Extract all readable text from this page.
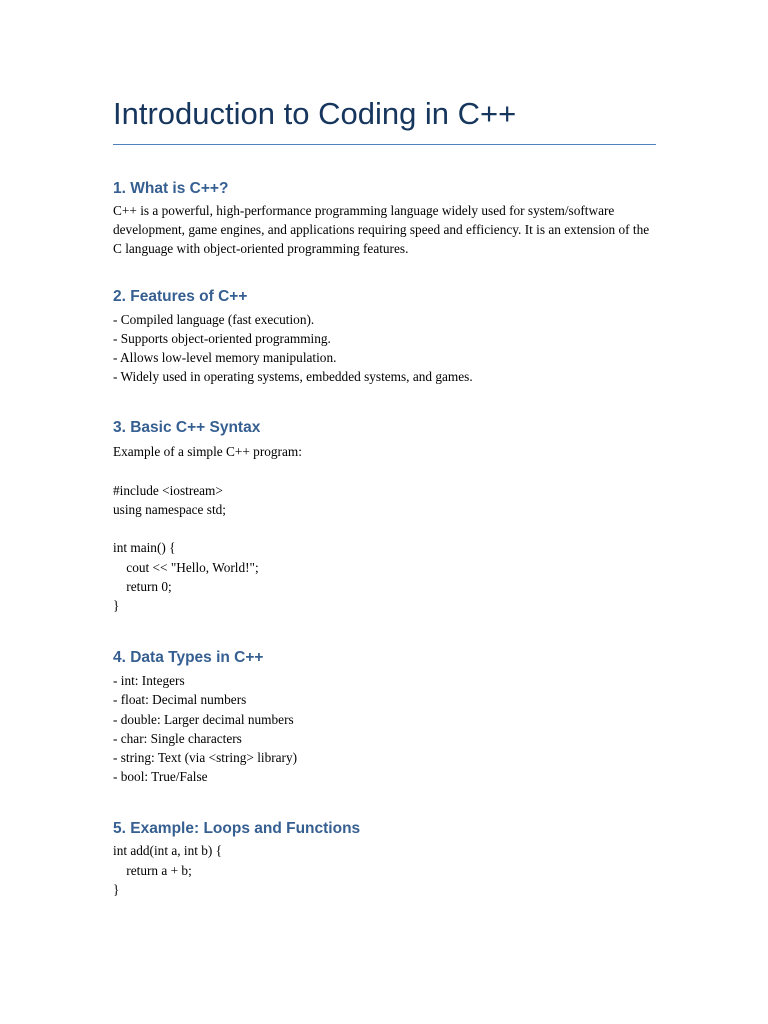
Introduction to Coding in C++
1. What is C++?

C++ is a powerful, high-performance programming language widely used for system/software development, game engines, and applications requiring speed and efficiency. It is an extension of the C language with object-oriented programming features.

2. Features of C++
- Compiled language (fast execution).
- Supports object-oriented programming.
- Allows low-level memory manipulation.
- Widely used in operating systems, embedded systems, and games.
3. Basic C++ Syntax
Example of a simple C++ program:
#include <iostream>
using namespace std;
int main() {
cout << "Hello, World!";
return 0;
}
4. Data Types in C++
- int: Integers
- float: Decimal numbers
- double: Larger decimal numbers
- char: Single characters
- string: Text (via <string> library)
- bool: True/False
5. Example: Loops and Functions
int add(int a, int b) {
return a + b;
}
